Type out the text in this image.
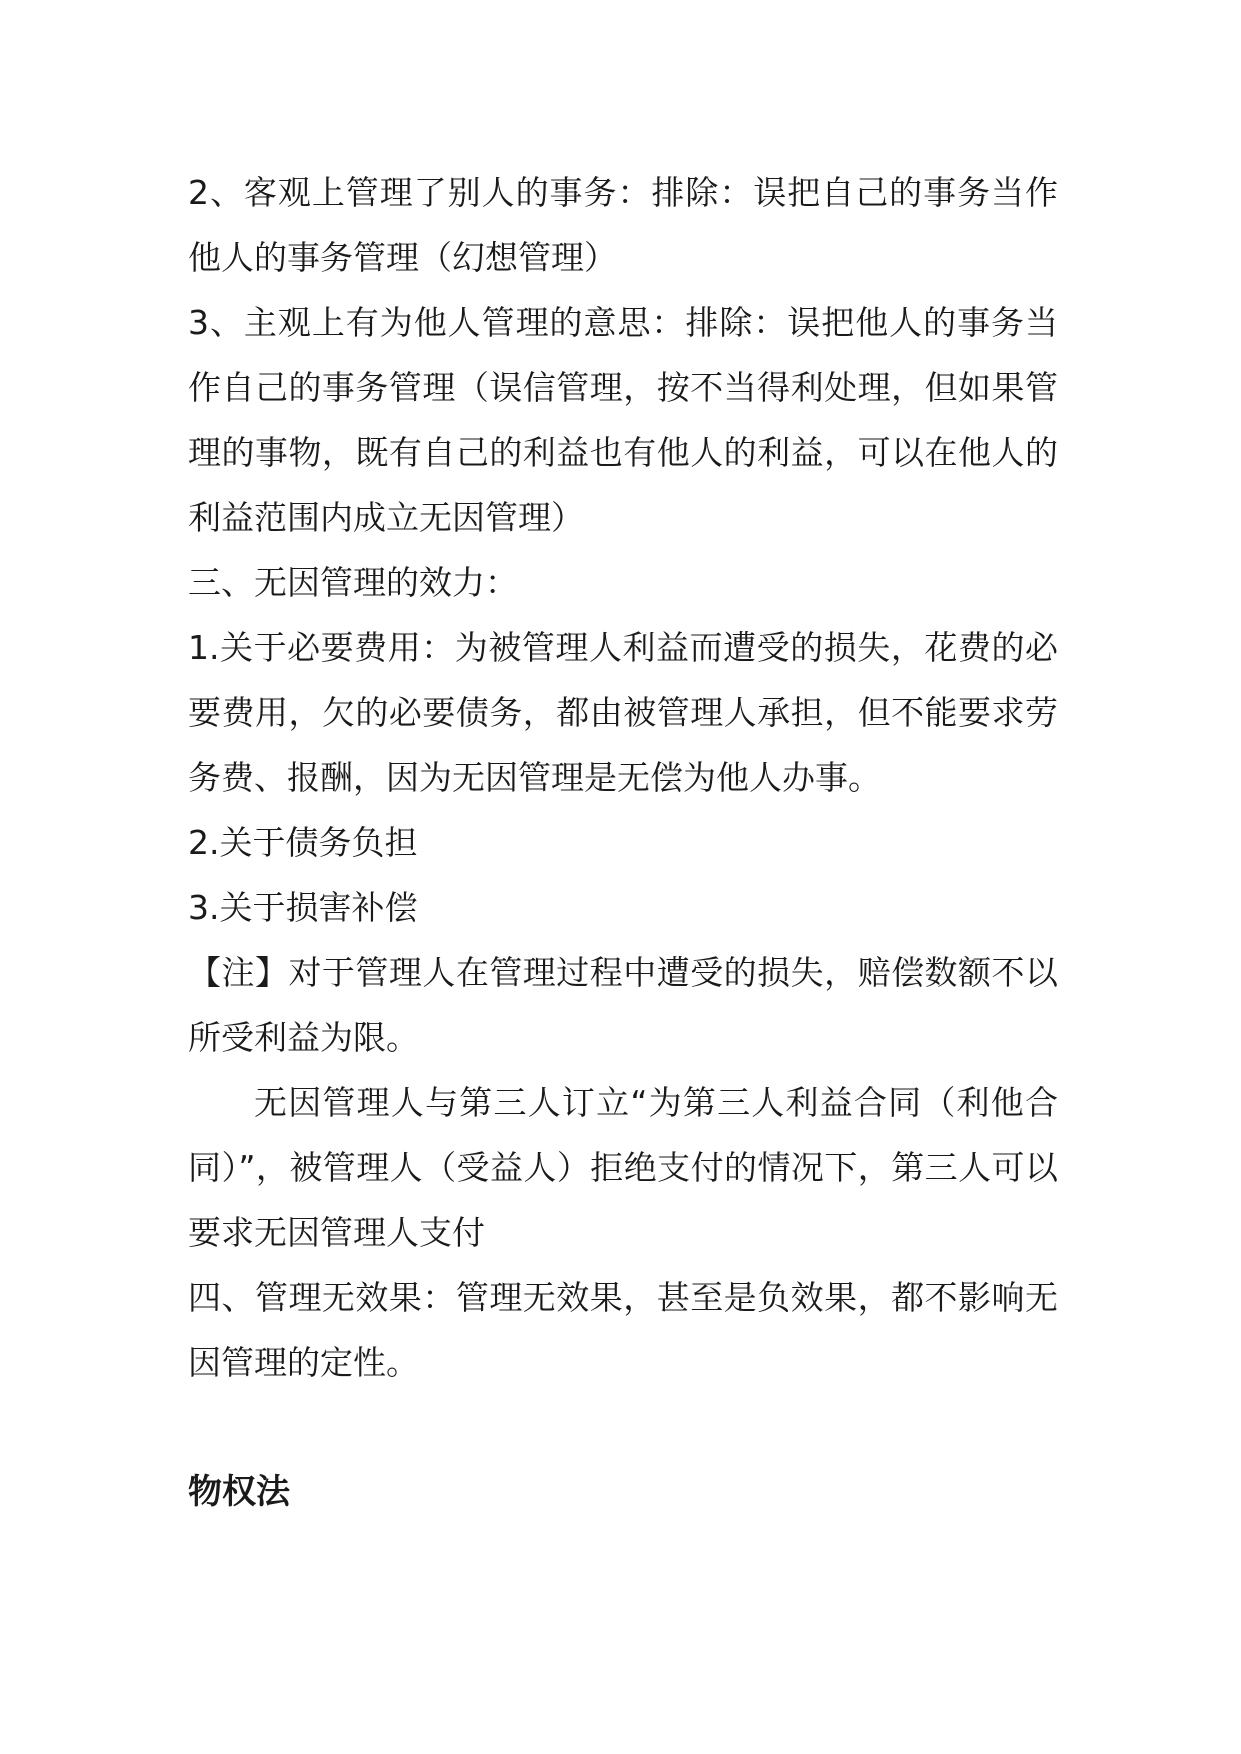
2、客观上管理了别人的事务：排除：误把自己的事务当作他人的事务管理（幻想管理）

3、主观上有为他人管理的意思：排除：误把他人的事务当作自己的事务管理（误信管理，按不当得利处理，但如果管理的事物，既有自己的利益也有他人的利益，可以在他人的利益范围内成立无因管理）

三、无因管理的效力：

1.关于必要费用：为被管理人利益而遭受的损失，花费的必要费用，欠的必要债务，都由被管理人承担，但不能要求劳务费、报酬，因为无因管理是无偿为他人办事。

2.关于债务负担

3.关于损害补偿

【注】对于管理人在管理过程中遭受的损失，赔偿数额不以所受利益为限。

无因管理人与第三人订立“为第三人利益合同（利他合同）”，被管理人（受益人）拒绝支付的情况下，第三人可以要求无因管理人支付

四、管理无效果：管理无效果，甚至是负效果，都不影响无因管理的定性。

物权法
